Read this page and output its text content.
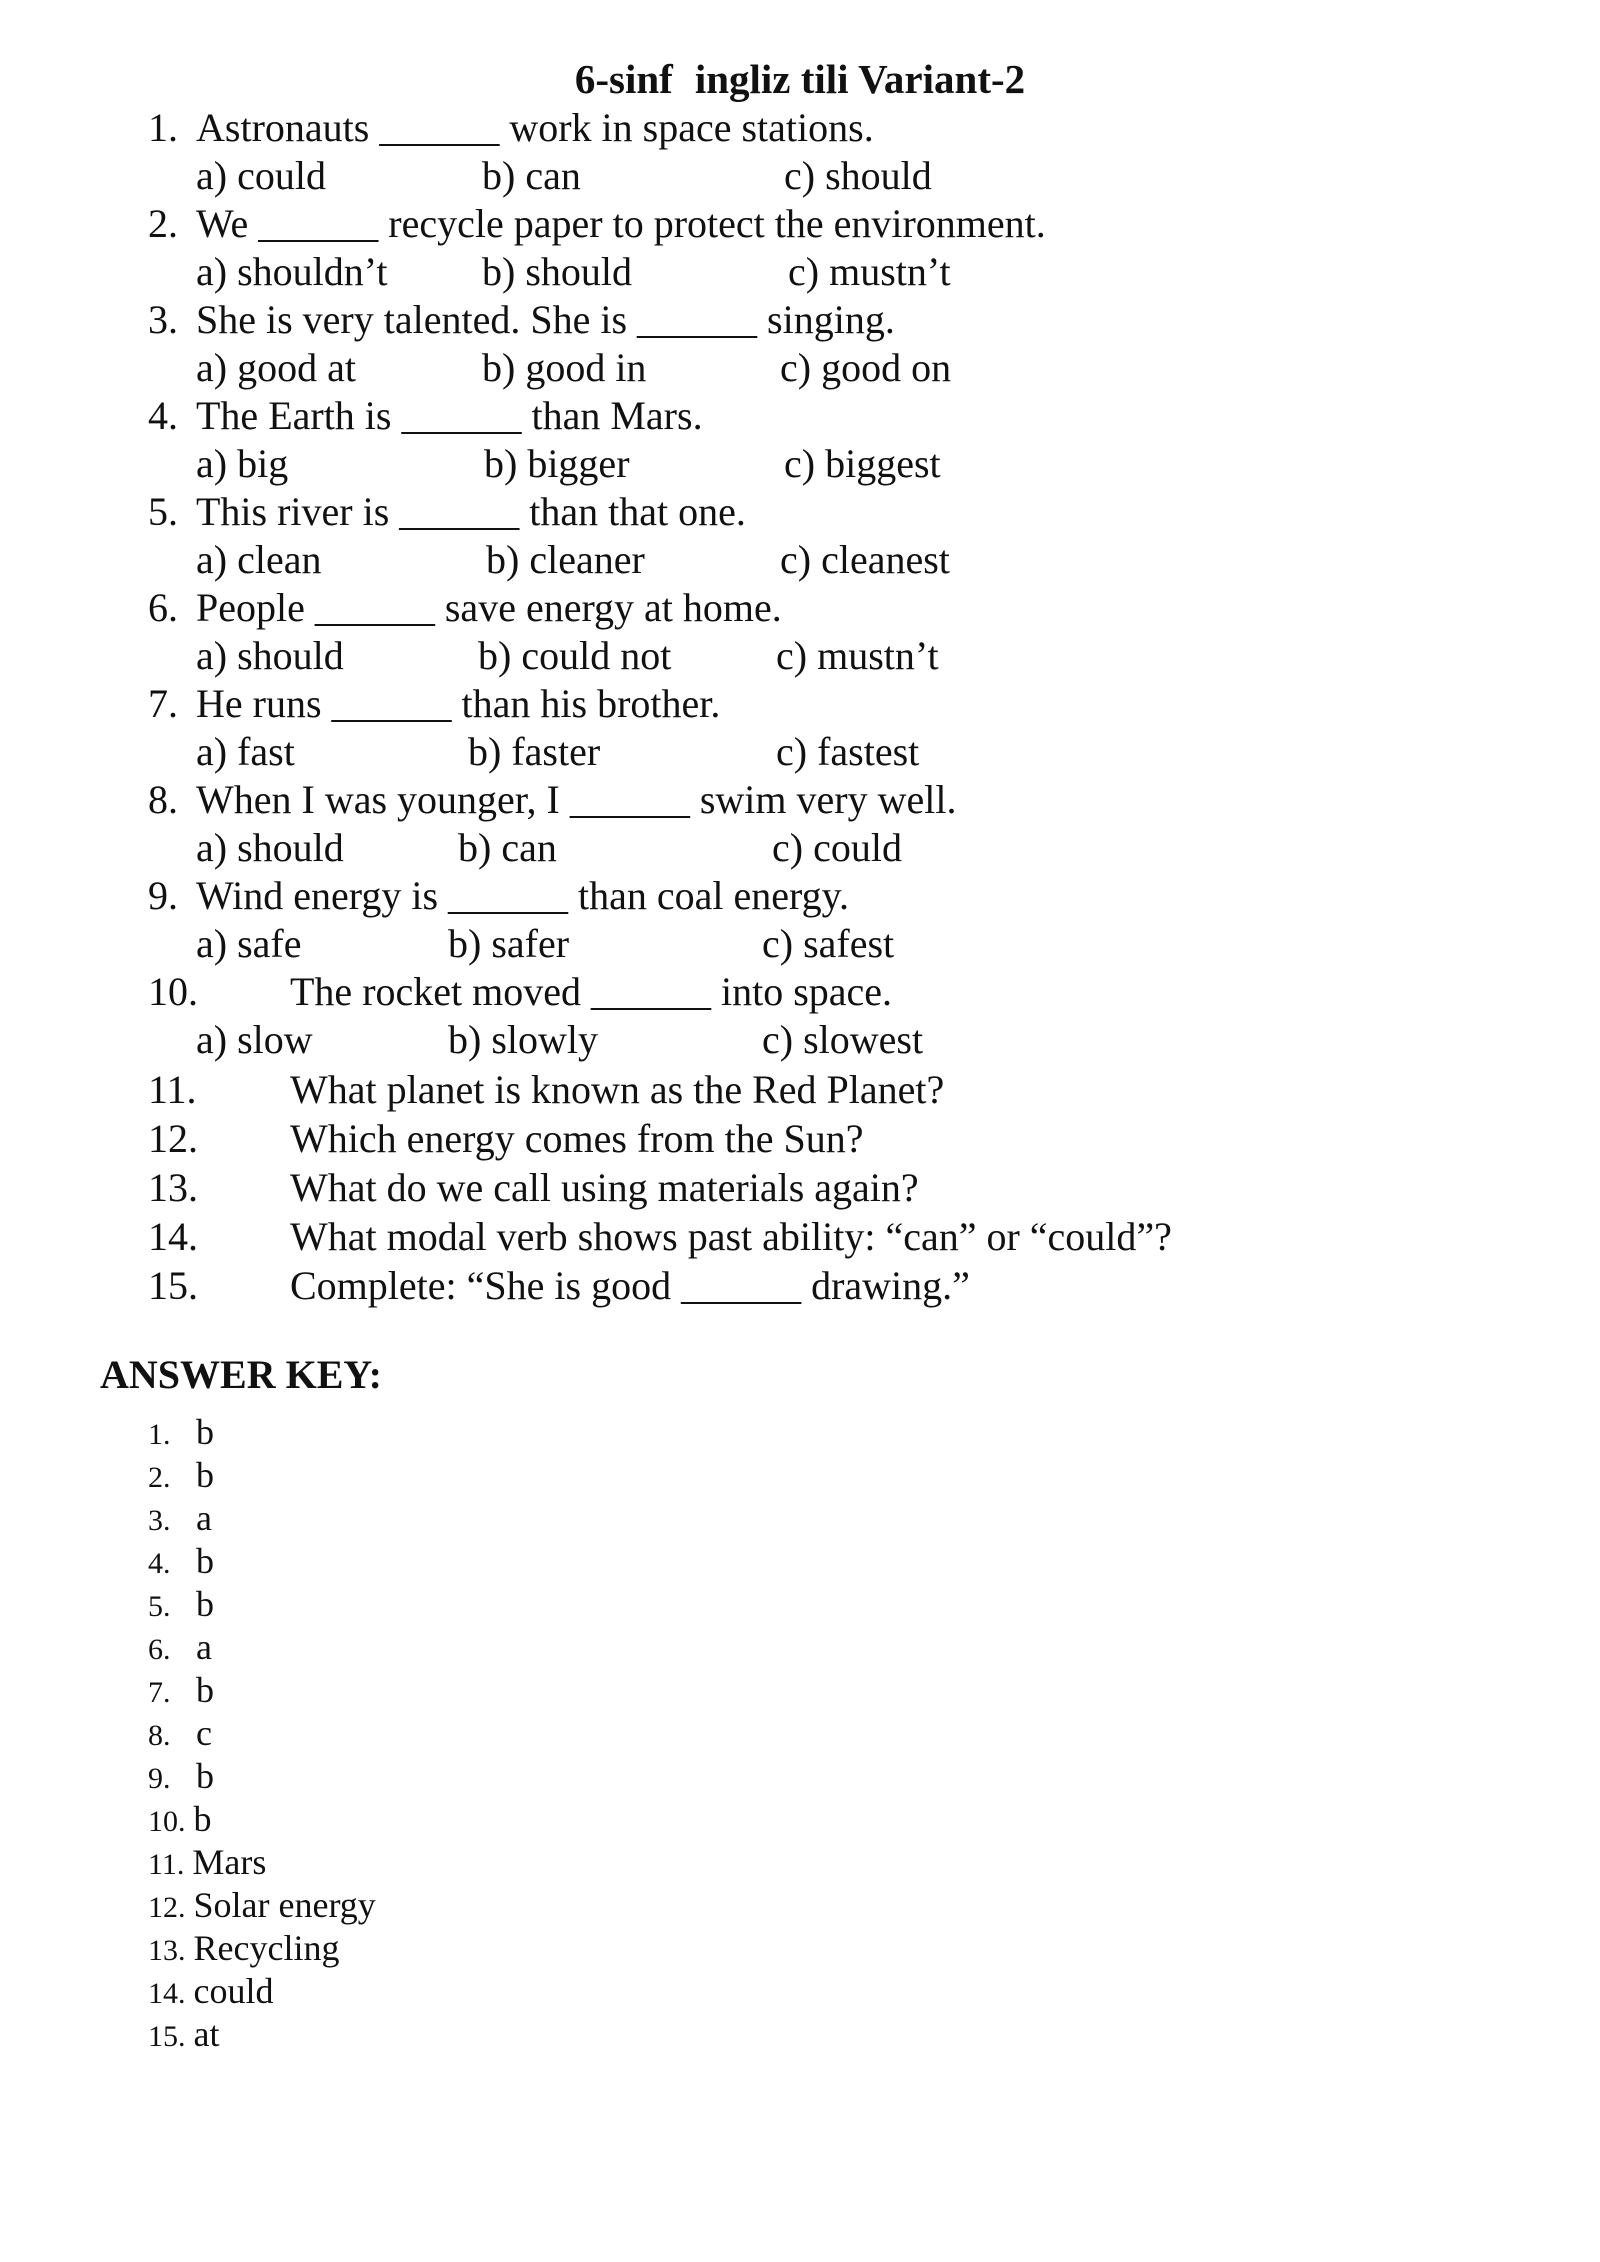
6-sinf ingliz tili Variant-2
1. Astronauts ______ work in space stations.
a) could	b) can	c) should
2. We ______ recycle paper to protect the environment.
a) shouldn’t b) should	c) mustn’t
3. She is very talented. She is ______ singing.
a) good at	b) good in	c) good on
4. The Earth is ______ than Mars.
a) big	b) bigger	c) biggest
5. This river is ______ than that one.
a) clean	b) cleaner	c) cleanest
6. People ______ save energy at home.
a) should	b) could not	c) mustn’t
7. He runs ______ than his brother.
a) fast	b) faster	c) fastest
8. When I was younger, I ______ swim very well.
a) should	b) can	c) could
9. Wind energy is ______ than coal energy.
a) safe	b) safer	c) safest
10. The rocket moved ______ into space.
a) slow	b) slowly	c) slowest
11. What planet is known as the Red Planet?
12. Which energy comes from the Sun?
13. What do we call using materials again?
14. What modal verb shows past ability: “can” or “could”?
15. Complete: “She is good ______ drawing.”
ANSWER KEY:
1. b
2. b
3. a
4. b
5. b
6. a
7. b
8. c
9. b
10. b
11. Mars
12. Solar energy
13. Recycling
14. could
15. at
